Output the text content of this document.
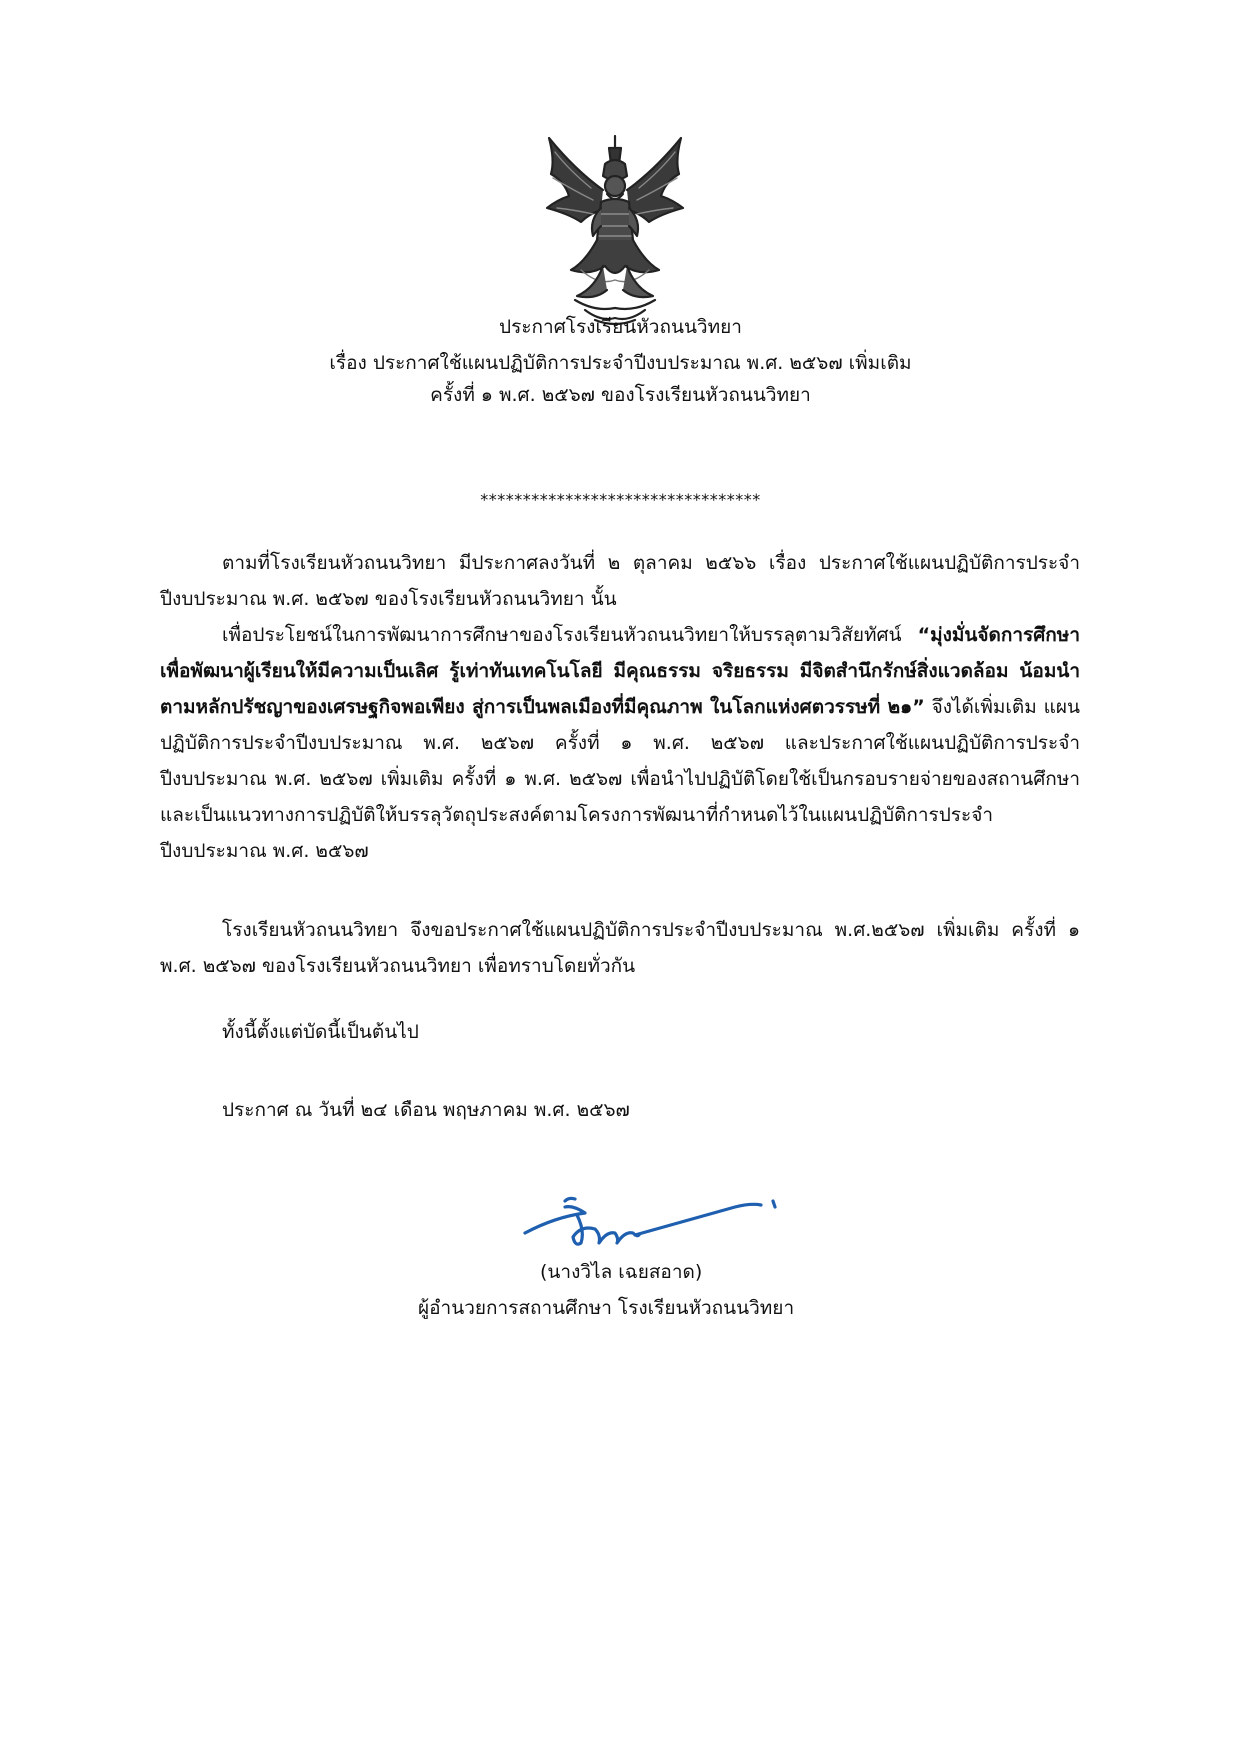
ประกาศโรงเรียนหัวถนนวิทยา
เรื่อง ประกาศใช้แผนปฏิบัติการประจำปีงบประมาณ พ.ศ. ๒๕๖๗ เพิ่มเติม
ครั้งที่ ๑ พ.ศ. ๒๕๖๗ ของโรงเรียนหัวถนนวิทยา
*********************************
ตามที่โรงเรียนหัวถนนวิทยา มีประกาศลงวันที่ ๒ ตุลาคม ๒๕๖๖ เรื่อง ประกาศใช้แผนปฏิบัติการประจำปีงบประมาณ พ.ศ. ๒๕๖๗ ของโรงเรียนหัวถนนวิทยา นั้น
เพื่อประโยชน์ในการพัฒนาการศึกษาของโรงเรียนหัวถนนวิทยาให้บรรลุตามวิสัยทัศน์ “มุ่งมั่นจัดการศึกษาเพื่อพัฒนาผู้เรียนให้มีความเป็นเลิศ รู้เท่าทันเทคโนโลยี มีคุณธรรม จริยธรรม มีจิตสำนึกรักษ์สิ่งแวดล้อม น้อมนำตามหลักปรัชญาของเศรษฐกิจพอเพียง สู่การเป็นพลเมืองที่มีคุณภาพ ในโลกแห่งศตวรรษที่ ๒๑” จึงได้เพิ่มเติม แผนปฏิบัติการประจำปีงบประมาณ พ.ศ. ๒๕๖๗ ครั้งที่ ๑ พ.ศ. ๒๕๖๗ และประกาศใช้แผนปฏิบัติการประจำปีงบประมาณ พ.ศ. ๒๕๖๗ เพิ่มเติม ครั้งที่ ๑ พ.ศ. ๒๕๖๗ เพื่อนำไปปฏิบัติโดยใช้เป็นกรอบรายจ่ายของสถานศึกษา และเป็นแนวทางการปฏิบัติให้บรรลุวัตถุประสงค์ตามโครงการพัฒนาที่กำหนดไว้ในแผนปฏิบัติการประจำปีงบประมาณ พ.ศ. ๒๕๖๗
โรงเรียนหัวถนนวิทยา จึงขอประกาศใช้แผนปฏิบัติการประจำปีงบประมาณ พ.ศ.๒๕๖๗ เพิ่มเติม ครั้งที่ ๑ พ.ศ. ๒๕๖๗ ของโรงเรียนหัวถนนวิทยา เพื่อทราบโดยทั่วกัน
ทั้งนี้ตั้งแต่บัดนี้เป็นต้นไป
ประกาศ ณ วันที่ ๒๔ เดือน พฤษภาคม พ.ศ. ๒๕๖๗
(นางวิไล เฉยสอาด)
ผู้อำนวยการสถานศึกษา โรงเรียนหัวถนนวิทยา
